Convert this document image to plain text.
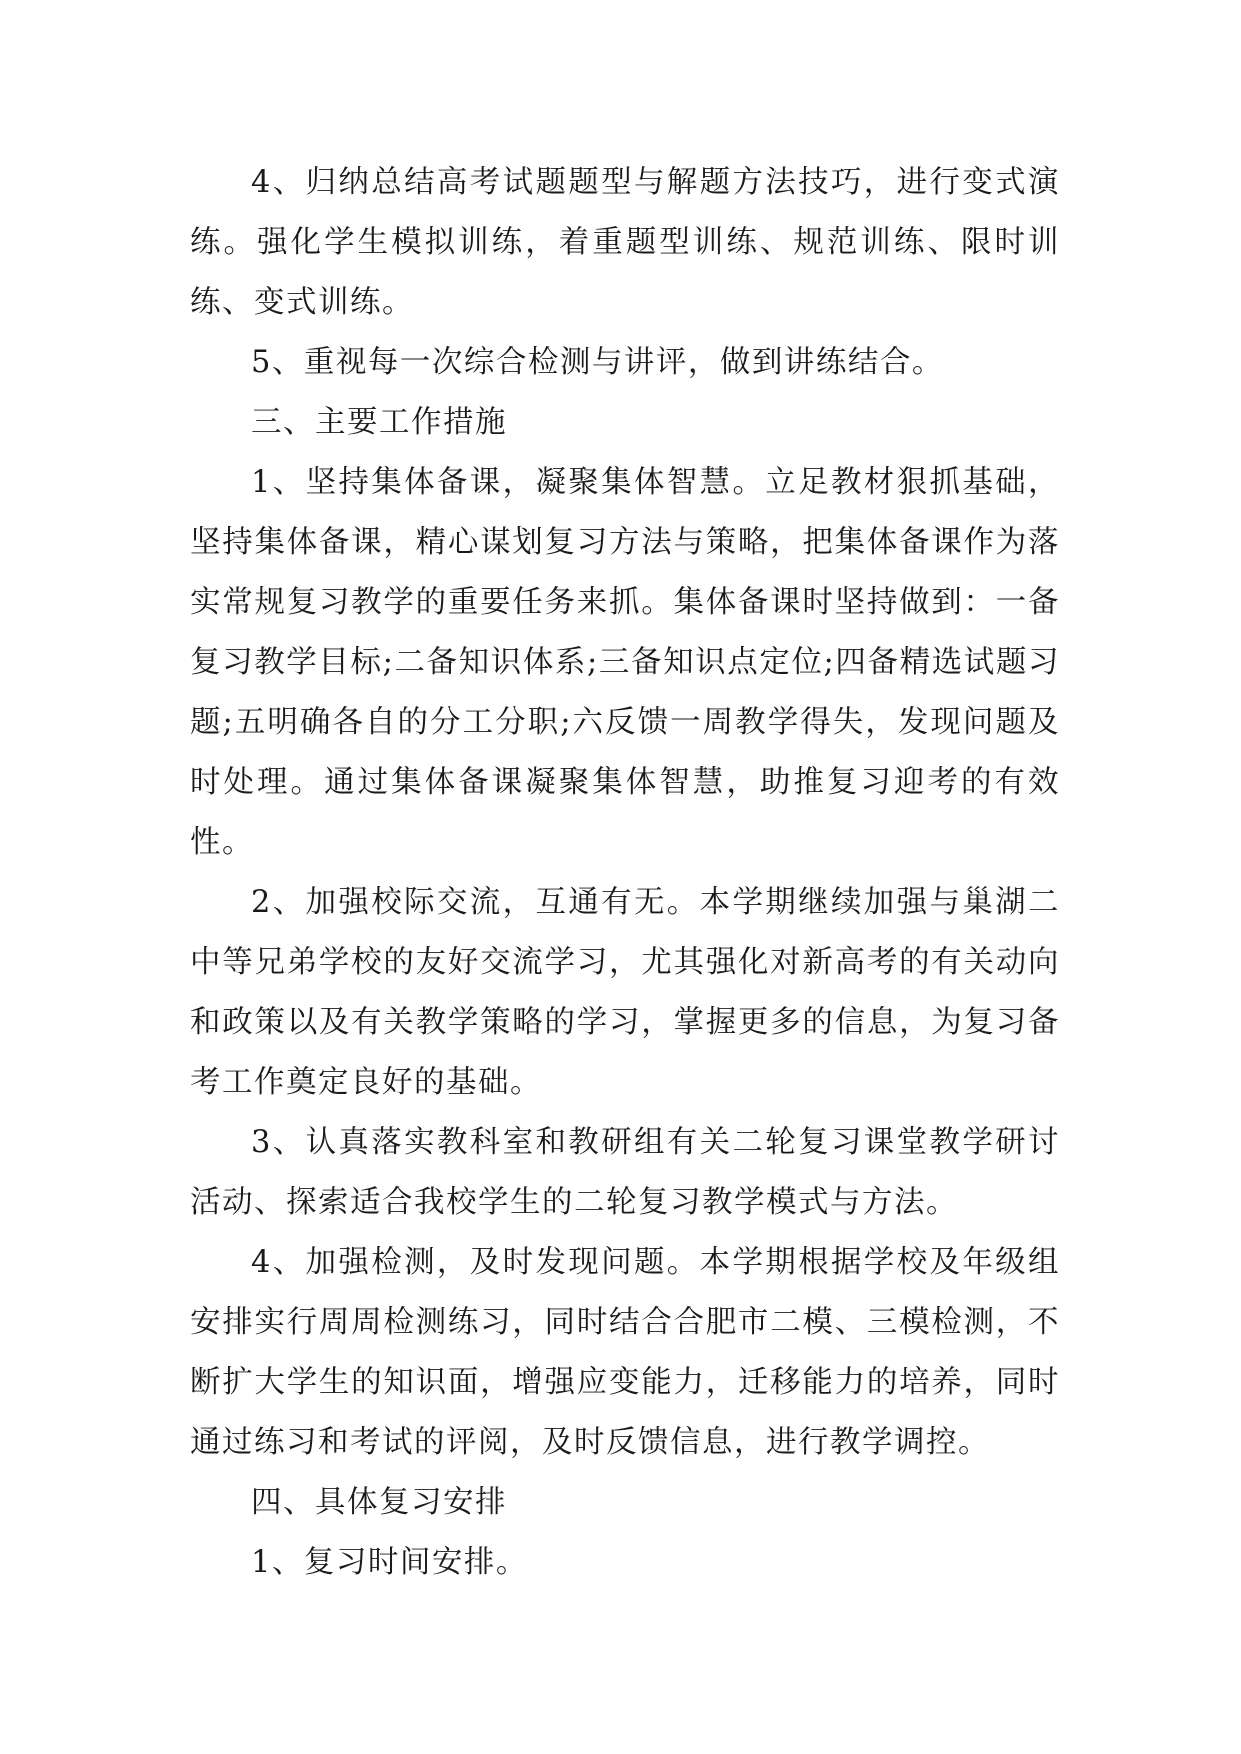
4、归纳总结高考试题题型与解题方法技巧，进行变式演练。强化学生模拟训练，着重题型训练、规范训练、限时训练、变式训练。

5、重视每一次综合检测与讲评，做到讲练结合。

三、主要工作措施

1、坚持集体备课，凝聚集体智慧。立足教材狠抓基础，坚持集体备课，精心谋划复习方法与策略，把集体备课作为落实常规复习教学的重要任务来抓。集体备课时坚持做到：一备复习教学目标;二备知识体系;三备知识点定位;四备精选试题习题;五明确各自的分工分职;六反馈一周教学得失，发现问题及时处理。通过集体备课凝聚集体智慧，助推复习迎考的有效性。

2、加强校际交流，互通有无。本学期继续加强与巢湖二中等兄弟学校的友好交流学习，尤其强化对新高考的有关动向和政策以及有关教学策略的学习，掌握更多的信息，为复习备考工作奠定良好的基础。

3、认真落实教科室和教研组有关二轮复习课堂教学研讨活动、探索适合我校学生的二轮复习教学模式与方法。

4、加强检测，及时发现问题。本学期根据学校及年级组安排实行周周检测练习，同时结合合肥市二模、三模检测，不断扩大学生的知识面，增强应变能力，迁移能力的培养，同时通过练习和考试的评阅，及时反馈信息，进行教学调控。

四、具体复习安排

1、复习时间安排。
